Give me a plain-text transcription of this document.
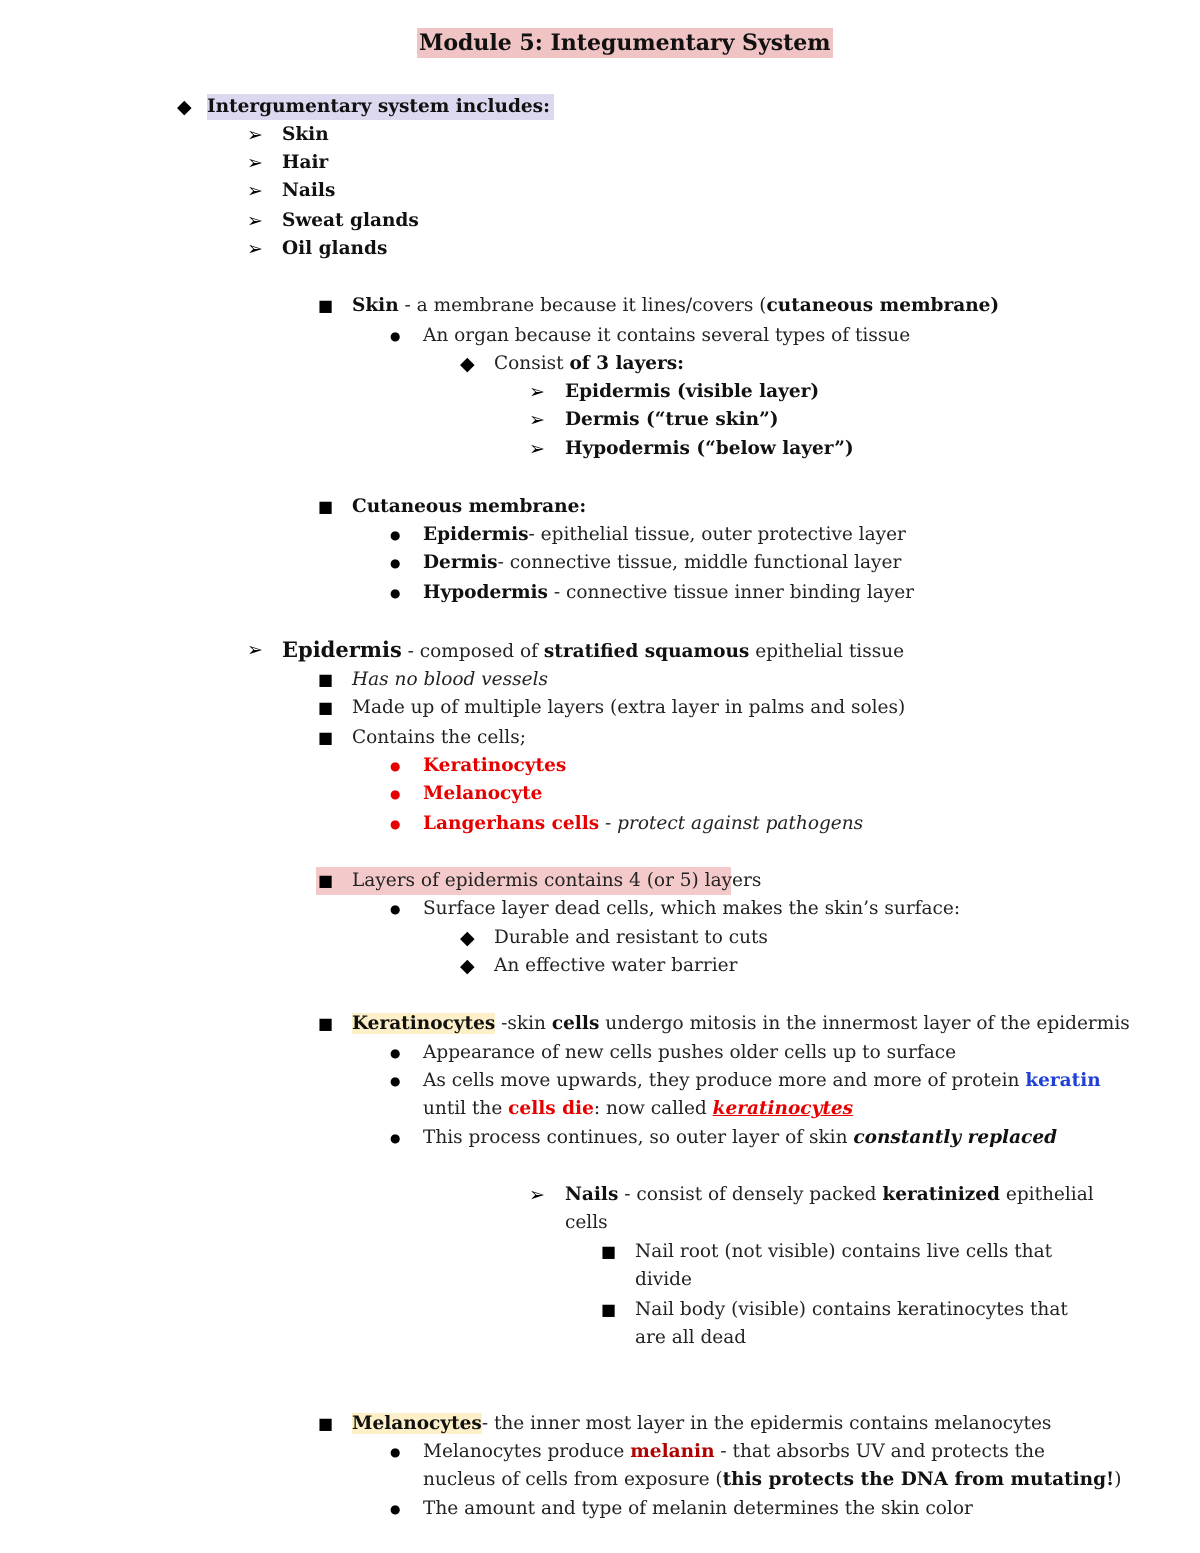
Module 5: Integumentary System
◆ Intergumentary system includes:
➢ Skin
➢ Hair
➢ Nails
➢ Sweat glands
➢ Oil glands
■ Skin - a membrane because it lines/covers (cutaneous membrane)
● An organ because it contains several types of tissue
◆ Consist of 3 layers:
➢ Epidermis (visible layer)
➢ Dermis (“true skin”)
➢ Hypodermis (“below layer”)
■ Cutaneous membrane:
● Epidermis- epithelial tissue, outer protective layer
● Dermis- connective tissue, middle functional layer
● Hypodermis - connective tissue inner binding layer
➢ Epidermis - composed of stratified squamous epithelial tissue
■ Has no blood vessels
■ Made up of multiple layers (extra layer in palms and soles)
■ Contains the cells;
● Keratinocytes
● Melanocyte
● Langerhans cells - protect against pathogens
■ Layers of epidermis contains 4 (or 5) layers
● Surface layer dead cells, which makes the skin’s surface:
◆ Durable and resistant to cuts
◆ An effective water barrier
■ Keratinocytes -skin cells undergo mitosis in the innermost layer of the epidermis
● Appearance of new cells pushes older cells up to surface
● As cells move upwards, they produce more and more of protein keratin
until the cells die: now called keratinocytes
● This process continues, so outer layer of skin constantly replaced
➢ Nails - consist of densely packed keratinized epithelial
cells
■ Nail root (not visible) contains live cells that
divide
■ Nail body (visible) contains keratinocytes that
are all dead
■ Melanocytes- the inner most layer in the epidermis contains melanocytes
● Melanocytes produce melanin - that absorbs UV and protects the
nucleus of cells from exposure (this protects the DNA from mutating!)
● The amount and type of melanin determines the skin color
